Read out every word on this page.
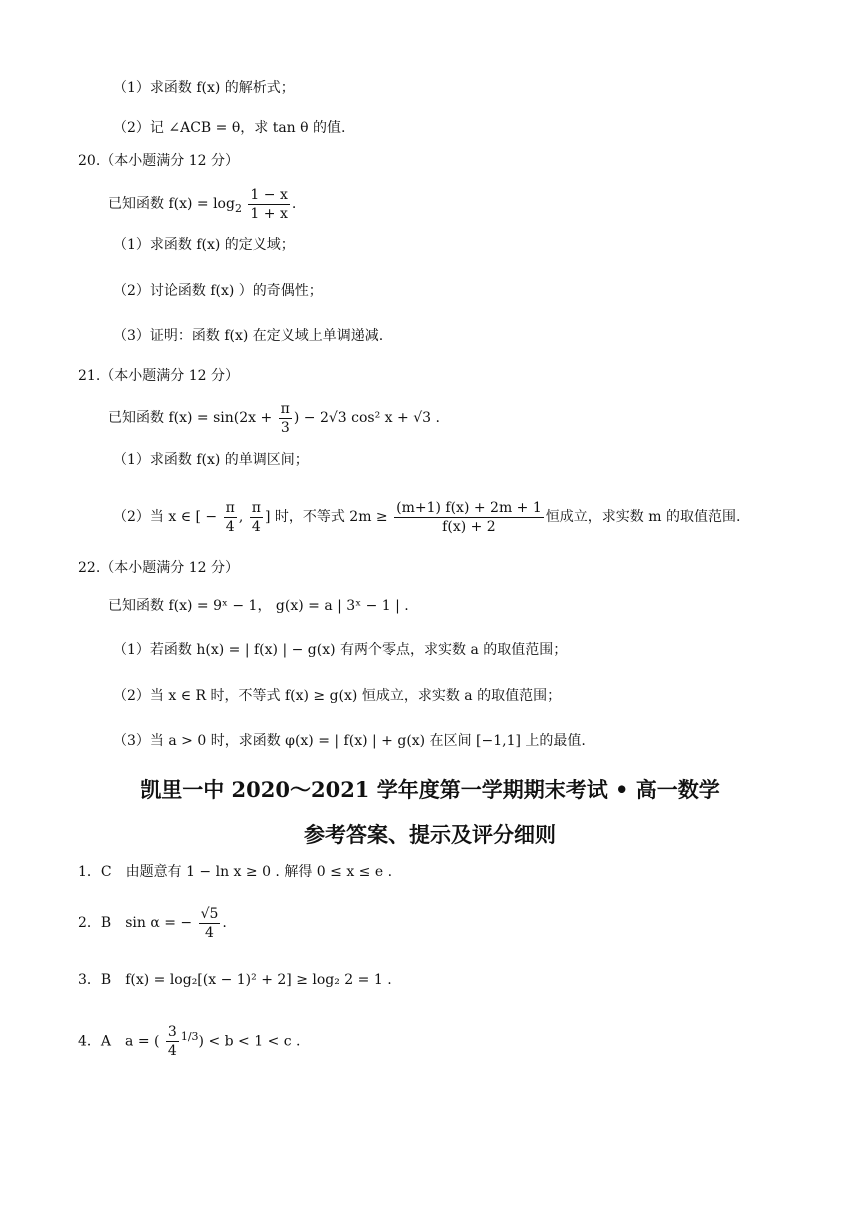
（1）求函数 f(x) 的解析式；
（2）记 ∠ACB = θ，求 tan θ 的值.
20.（本小题满分 12 分）
已知函数 $f(x) = \log_2 \frac{1 - x}{1 + x}$ .
（1）求函数 f(x) 的定义域；
（2）讨论函数 f(x) ）的奇偶性；
（3）证明：函数 f(x) 在定义域上单调递减.
21.（本小题满分 12 分）
已知函数 $f(x) = \sin(2x + \frac{\pi}{3}$ ) − 2√3 cos² x + √3 .
（1）求函数 f(x) 的单调区间；
（2）当 x ∈ [ − $\frac{\pi}{4}$ , $\frac{\pi}{4}$ ] 时，不等式 $2m \ge \frac{(m+1) f(x) + 2m + 1}{f(x) + 2}$ 恒成立，求实数 m 的取值范围.
22.（本小题满分 12 分）
已知函数 f(x) = 9ˣ − 1， g(x) = a | 3ˣ − 1 | .
（1）若函数 h(x) = | f(x) | − g(x) 有两个零点，求实数 a 的取值范围；
（2）当 x ∈ R 时，不等式 f(x) ≥ g(x) 恒成立，求实数 a 的取值范围；
（3）当 a > 0 时，求函数 φ(x) = | f(x) | + g(x) 在区间 [−1,1] 上的最值.
凯里一中 2020～2021 学年度第一学期期末考试 • 高一数学
参考答案、提示及评分细则
1．C　由题意有 1 − ln x ≥ 0 . 解得 0 ≤ x ≤ e .
2．B　sin α = − $\frac{√5}{4}$ .
3．B　f(x) = log₂[(x − 1)² + 2] ≥ log₂ 2 = 1 .
4．A　a = ( $\frac{3}{4} ^{1/3}) < b < 1 < c$ .
